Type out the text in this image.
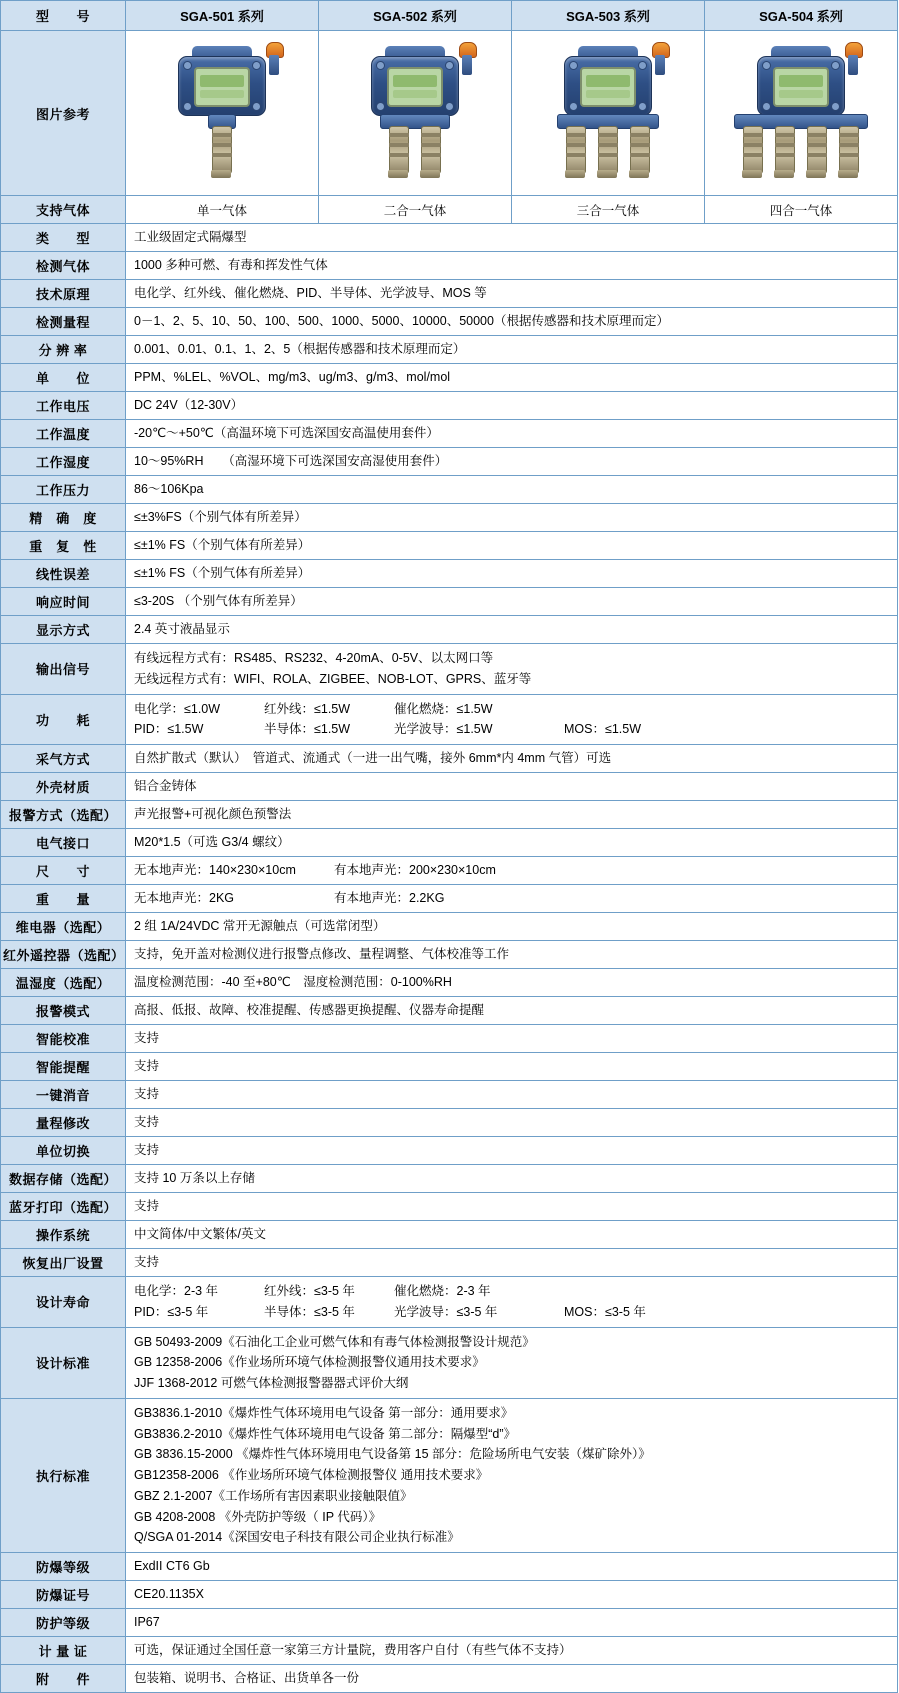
型　　号	SGA-501 系列	SGA-502 系列	SGA-503 系列	SGA-504 系列
图片参考	

支持气体	单一气体	二合一气体	三合一气体	四合一气体
类　　型	工业级固定式隔爆型			
检测气体	1000 多种可燃、有毒和挥发性气体			
技术原理	电化学、红外线、催化燃烧、PID、半导体、光学波导、MOS 等			
检测量程	0－1、2、5、10、50、100、500、1000、5000、10000、50000（根据传感器和技术原理而定）			
分 辨 率	0.001、0.01、0.1、1、2、5（根据传感器和技术原理而定）			
单　　位	PPM、%LEL、%VOL、mg/m3、ug/m3、g/m3、mol/mol			
工作电压	DC 24V（12-30V）			
工作温度	-20℃～+50℃（高温环境下可选深国安高温使用套件）			
工作湿度	10～95%RH　　（高湿环境下可选深国安高湿使用套件）			
工作压力	86～106Kpa			
精　确　度	≤±3%FS（个别气体有所差异）			
重　复　性	≤±1% FS（个别气体有所差异）			
线性误差	≤±1% FS（个别气体有所差异）			
响应时间	≤3-20S （个别气体有所差异）			
显示方式	2.4 英寸液晶显示			
输出信号	有线远程方式有：RS485、RS232、4-20mA、0-5V、以太网口等
无线远程方式有：WIFI、ROLA、ZIGBEE、NOB-LOT、GPRS、蓝牙等			

功　　耗	
电化学：≤1.0W	红外线：≤1.5W	催化燃烧：≤1.5W
PID：≤1.5W	半导体：≤1.5W	光学波导：≤1.5W	MOS：≤1.5W

采气方式	自然扩散式（默认）　管道式、流通式（一进一出气嘴，接外 6mm*内 4mm 气管）可选			
外壳材质	铝合金铸体			
报警方式（选配）	声光报警+可视化颜色预警法			
电气接口	M20*1.5（可选 G3/4 螺纹）			
尺　　寸	无本地声光：140×230×10cm 有本地声光：200×230×10cm			

重　　量	无本地声光：2KG 有本地声光：2.2KG			

维电器（选配）	2 组 1A/24VDC 常开无源触点（可选常闭型）			
红外遥控器（选配）	支持，免开盖对检测仪进行报警点修改、量程调整、气体校准等工作			
温湿度（选配）	温度检测范围：-40 至+80℃　湿度检测范围：0-100%RH			
报警模式	高报、低报、故障、校准提醒、传感器更换提醒、仪器寿命提醒			
智能校准	支持			
智能提醒	支持			
一键消音	支持			
量程修改	支持			
单位切换	支持			
数据存储（选配）	支持 10 万条以上存储			
蓝牙打印（选配）	支持			
操作系统	中文简体/中文繁体/英文			
恢复出厂设置	支持			
设计寿命	
电化学：2-3 年	红外线：≤3-5 年	催化燃烧：2-3 年
PID：≤3-5 年	半导体：≤3-5 年	光学波导：≤3-5 年	MOS：≤3-5 年

设计标准	GB 50493-2009《石油化工企业可燃气体和有毒气体检测报警设计规范》
GB 12358-2006《作业场所环境气体检测报警仪通用技术要求》
JJF 1368-2012 可燃气体检测报警器器式评价大纲			

执行标准	
GB3836.1-2010《爆炸性气体环境用电气设备 第一部分：通用要求》
GB3836.2-2010《爆炸性气体环境用电气设备 第二部分：隔爆型“d”》
GB 3836.15-2000 《爆炸性气体环境用电气设备第 15 部分：危险场所电气安装（煤矿除外）》
GB12358-2006 《作业场所环境气体检测报警仪 通用技术要求》
GBZ 2.1-2007《工作场所有害因素职业接触限值》
GB 4208-2008 《外壳防护等级（ IP 代码）》
Q/SGA 01-2014《深国安电子科技有限公司企业执行标准》

防爆等级	ExdII CT6 Gb			
防爆证号	CE20.1135X			
防护等级	IP67			
计 量 证	可选，保证通过全国任意一家第三方计量院，费用客户自付（有些气体不支持）			
附　　件	包装箱、说明书、合格证、出货单各一份			
